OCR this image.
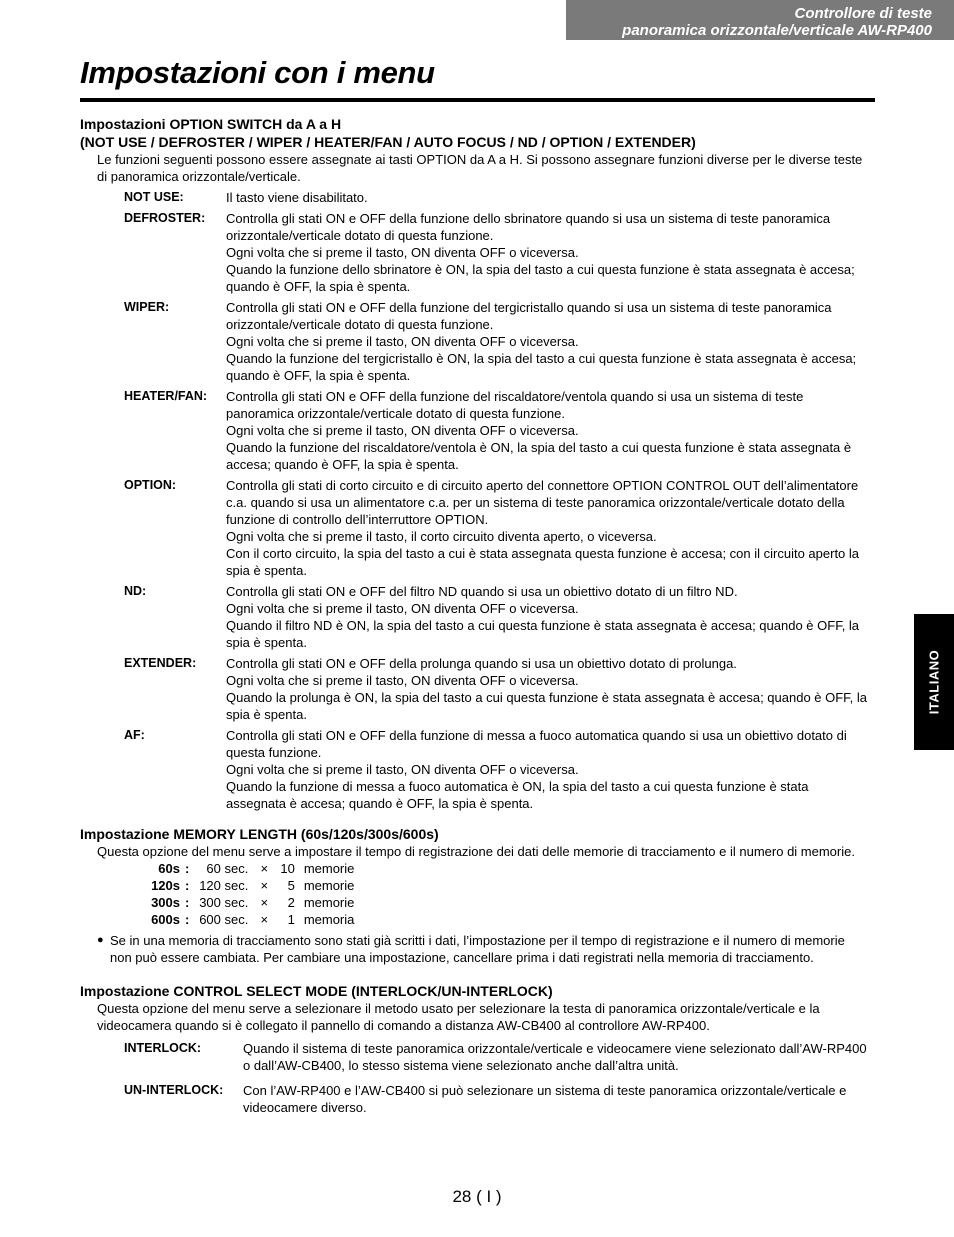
Controllore di teste
panoramica orizzontale/verticale AW-RP400
Impostazioni con i menu
ITALIANO
Impostazioni OPTION SWITCH da A a H
(NOT USE / DEFROSTER / WIPER / HEATER/FAN / AUTO FOCUS / ND / OPTION / EXTENDER)
Le funzioni seguenti possono essere assegnate ai tasti OPTION da A a H. Si possono assegnare funzioni diverse per le diverse teste di panoramica orizzontale/verticale.
NOT USE:	Il tasto viene disabilitato.

DEFROSTER:	Controlla gli stati ON e OFF della funzione dello sbrinatore quando si usa un sistema di teste panoramica orizzontale/verticale dotato di questa funzione.

Ogni volta che si preme il tasto, ON diventa OFF o viceversa.

Quando la funzione dello sbrinatore è ON, la spia del tasto a cui questa funzione è stata assegnata è accesa; quando è OFF, la spia è spenta.

WIPER:	Controlla gli stati ON e OFF della funzione del tergicristallo quando si usa un sistema di teste panoramica orizzontale/verticale dotato di questa funzione.

Ogni volta che si preme il tasto, ON diventa OFF o viceversa.

Quando la funzione del tergicristallo è ON, la spia del tasto a cui questa funzione è stata assegnata è accesa; quando è OFF, la spia è spenta.

HEATER/FAN:	Controlla gli stati ON e OFF della funzione del riscaldatore/ventola quando si usa un sistema di teste panoramica orizzontale/verticale dotato di questa funzione.

Ogni volta che si preme il tasto, ON diventa OFF o viceversa.

Quando la funzione del riscaldatore/ventola è ON, la spia del tasto a cui questa funzione è stata assegnata è accesa; quando è OFF, la spia è spenta.

OPTION:	Controlla gli stati di corto circuito e di circuito aperto del connettore OPTION CONTROL OUT dell’alimentatore c.a. quando si usa un alimentatore c.a. per un sistema di teste panoramica orizzontale/verticale dotato della funzione di controllo dell’interruttore OPTION.

Ogni volta che si preme il tasto, il corto circuito diventa aperto, o viceversa.

Con il corto circuito, la spia del tasto a cui è stata assegnata questa funzione è accesa; con il circuito aperto la spia è spenta.

ND:	Controlla gli stati ON e OFF del filtro ND quando si usa un obiettivo dotato di un filtro ND.

Ogni volta che si preme il tasto, ON diventa OFF o viceversa.

Quando il filtro ND è ON, la spia del tasto a cui questa funzione è stata assegnata è accesa; quando è OFF, la spia è spenta.

EXTENDER:	Controlla gli stati ON e OFF della prolunga quando si usa un obiettivo dotato di prolunga.

Ogni volta che si preme il tasto, ON diventa OFF o viceversa.

Quando la prolunga è ON, la spia del tasto a cui questa funzione è stata assegnata è accesa; quando è OFF, la spia è spenta.

AF:	Controlla gli stati ON e OFF della funzione di messa a fuoco automatica quando si usa un obiettivo dotato di questa funzione.

Ogni volta che si preme il tasto, ON diventa OFF o viceversa.

Quando la funzione di messa a fuoco automatica è ON, la spia del tasto a cui questa funzione è stata assegnata è accesa; quando è OFF, la spia è spenta.

Impostazione MEMORY LENGTH (60s/120s/300s/600s)
Questa opzione del menu serve a impostare il tempo di registrazione dei dati delle memorie di tracciamento e il numero di memorie.
60s	:	60 sec.	×	10	memorie
120s	:	120 sec.	×	5	memorie
300s	:	300 sec.	×	2	memorie
600s	:	600 sec.	×	1	memoria
● Se in una memoria di tracciamento sono stati già scritti i dati, l’impostazione per il tempo di registrazione e il numero di memorie non può essere cambiata. Per cambiare una impostazione, cancellare prima i dati registrati nella memoria di tracciamento.
Impostazione CONTROL SELECT MODE (INTERLOCK/UN-INTERLOCK)
Questa opzione del menu serve a selezionare il metodo usato per selezionare la testa di panoramica orizzontale/verticale e la videocamera quando si è collegato il pannello di comando a distanza AW-CB400 al controllore AW-RP400.
INTERLOCK:	Quando il sistema di teste panoramica orizzontale/verticale e videocamere viene selezionato dall’AW-RP400 o dall’AW-CB400, lo stesso sistema viene selezionato anche dall’altra unità.
UN-INTERLOCK:	Con l’AW-RP400 e l’AW-CB400 si può selezionare un sistema di teste panoramica orizzontale/verticale e videocamere diverso.
28 ( I )
